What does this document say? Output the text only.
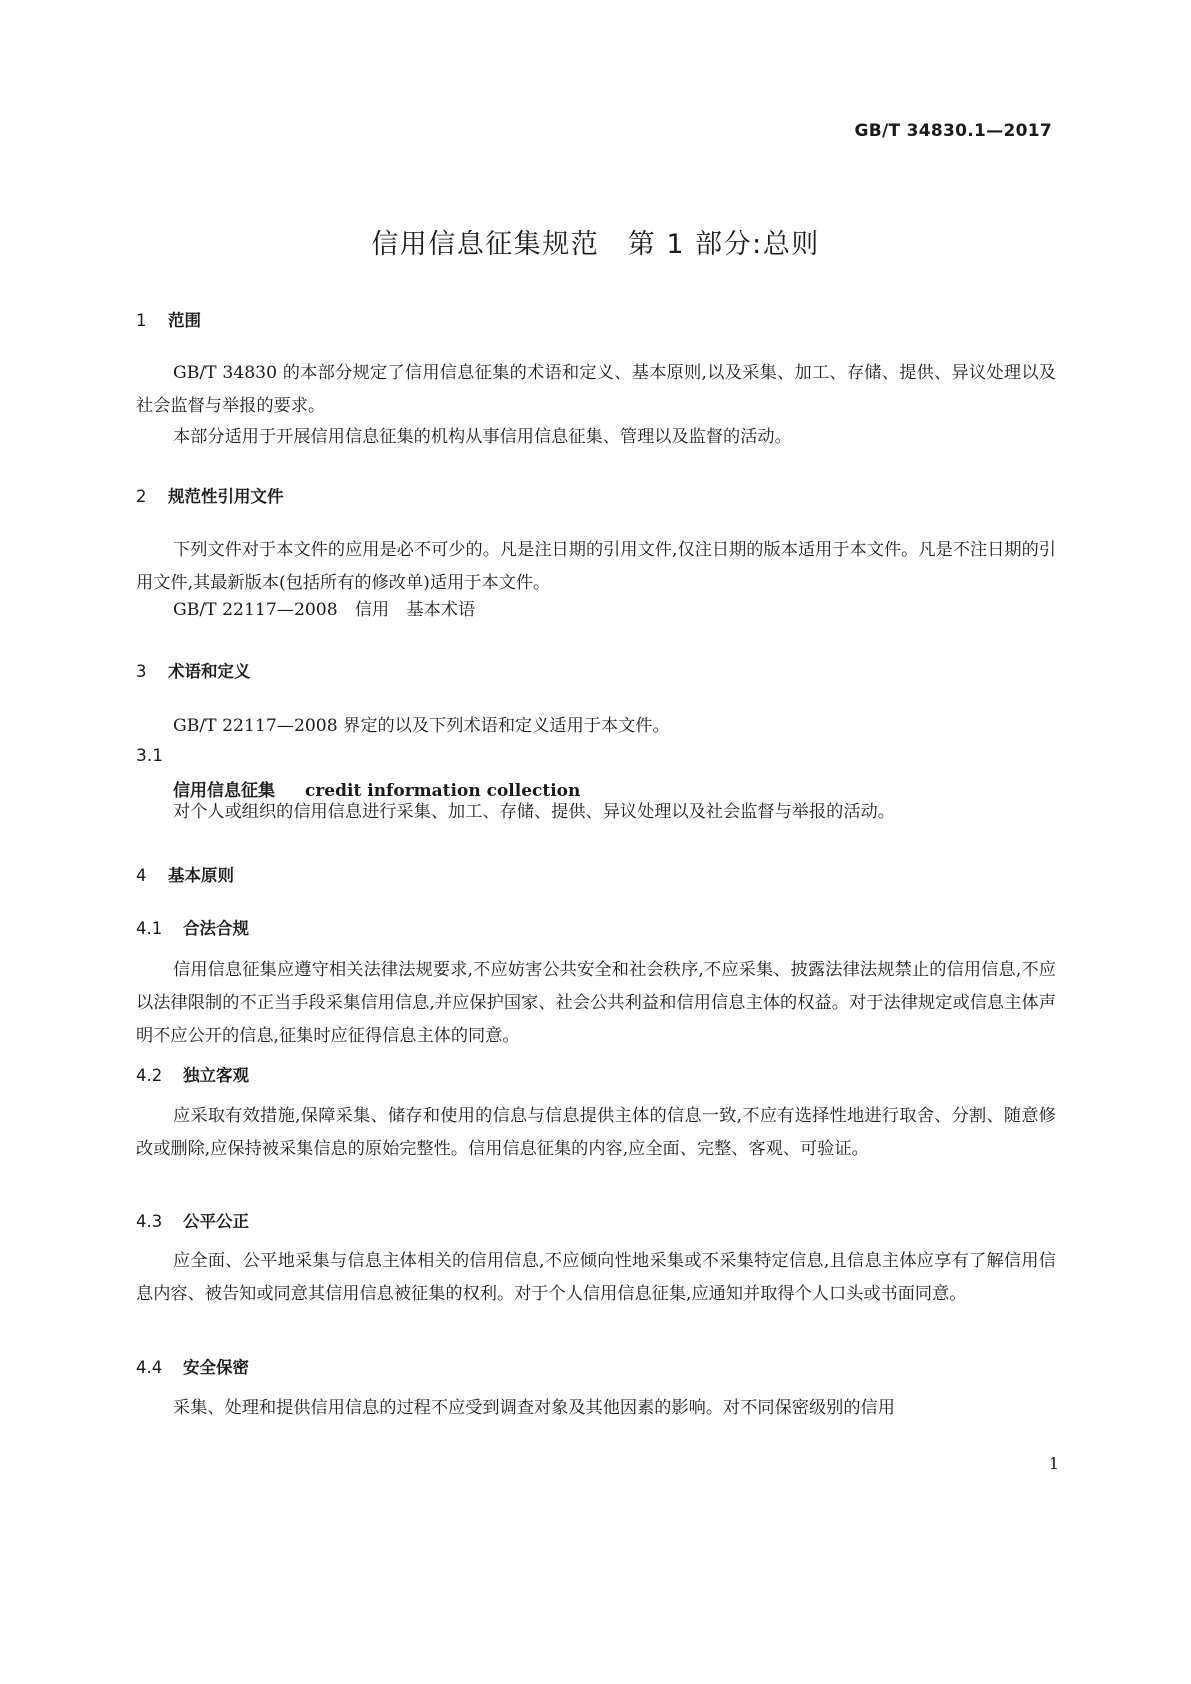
GB/T 34830.1—2017
信用信息征集规范　第 1 部分:总则
1 范围

GB/T 34830 的本部分规定了信用信息征集的术语和定义、基本原则,以及采集、加工、存储、提供、异议处理以及社会监督与举报的要求。

本部分适用于开展信用信息征集的机构从事信用信息征集、管理以及监督的活动。

2 规范性引用文件

下列文件对于本文件的应用是必不可少的。凡是注日期的引用文件,仅注日期的版本适用于本文件。凡是不注日期的引用文件,其最新版本(包括所有的修改单)适用于本文件。

GB/T 22117—2008　信用　基本术语
3 术语和定义
GB/T 22117—2008 界定的以及下列术语和定义适用于本文件。
3.1
信用信息征集 credit information collection
对个人或组织的信用信息进行采集、加工、存储、提供、异议处理以及社会监督与举报的活动。
4 基本原则
4.1 合法合规

信用信息征集应遵守相关法律法规要求,不应妨害公共安全和社会秩序,不应采集、披露法律法规禁止的信用信息,不应以法律限制的不正当手段采集信用信息,并应保护国家、社会公共利益和信用信息主体的权益。对于法律规定或信息主体声明不应公开的信息,征集时应征得信息主体的同意。

4.2 独立客观

应采取有效措施,保障采集、储存和使用的信息与信息提供主体的信息一致,不应有选择性地进行取舍、分割、随意修改或删除,应保持被采集信息的原始完整性。信用信息征集的内容,应全面、完整、客观、可验证。

4.3 公平公正

应全面、公平地采集与信息主体相关的信用信息,不应倾向性地采集或不采集特定信息,且信息主体应享有了解信用信息内容、被告知或同意其信用信息被征集的权利。对于个人信用信息征集,应通知并取得个人口头或书面同意。

4.4 安全保密

采集、处理和提供信用信息的过程不应受到调查对象及其他因素的影响。对不同保密级别的信用

1
